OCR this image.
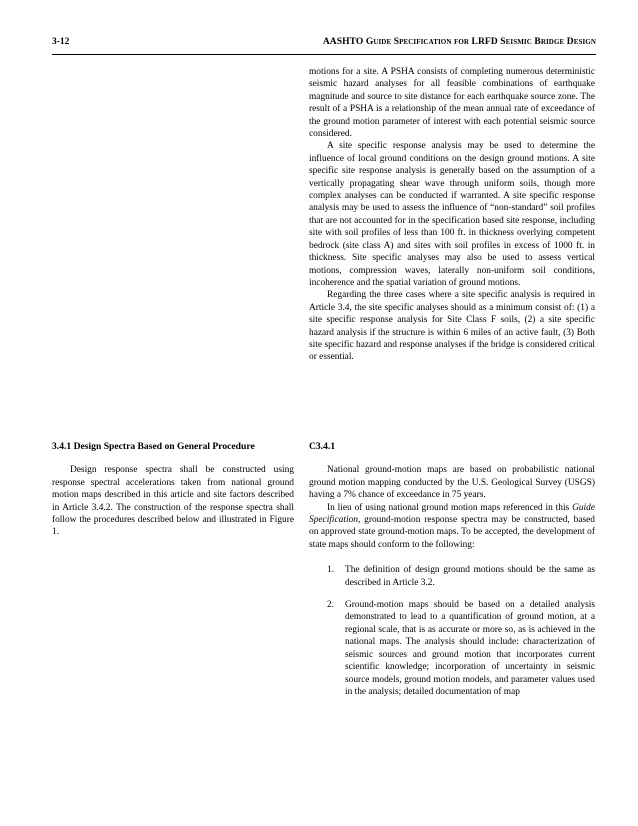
3-12	AASHTO Guide Specification for LRFD Seismic Bridge Design

motions for a site. A PSHA consists of completing numerous deterministic seismic hazard analyses for all feasible combinations of earthquake magnitude and source to site distance for each earthquake source zone. The result of a PSHA is a relationship of the mean annual rate of exceedance of the ground motion parameter of interest with each potential seismic source considered.

A site specific response analysis may be used to determine the influence of local ground conditions on the design ground motions. A site specific site response analysis is generally based on the assumption of a vertically propagating shear wave through uniform soils, though more complex analyses can be conducted if warranted. A site specific response analysis may be used to assess the influence of “non-standard” soil profiles that are not accounted for in the specification based site response, including site with soil profiles of less than 100 ft. in thickness overlying competent bedrock (site class A) and sites with soil profiles in excess of 1000 ft. in thickness. Site specific analyses may also be used to assess vertical motions, compression waves, laterally non-uniform soil conditions, incoherence and the spatial variation of ground motions.

Regarding the three cases where a site specific analysis is required in Article 3.4, the site specific analyses should as a minimum consist of: (1) a site specific response analysis for Site Class F soils, (2) a site specific hazard analysis if the structure is within 6 miles of an active fault, (3) Both site specific hazard and response analyses if the bridge is considered critical or essential.

3.4.1 Design Spectra Based on General Procedure

Design response spectra shall be constructed using response spectral accelerations taken from national ground motion maps described in this article and site factors described in Article 3.4.2. The construction of the response spectra shall follow the procedures described below and illustrated in Figure 1.

C3.4.1

National ground-motion maps are based on probabilistic national ground motion mapping conducted by the U.S. Geological Survey (USGS) having a 7% chance of exceedance in 75 years.

In lieu of using national ground motion maps referenced in this Guide Specification, ground-motion response spectra may be constructed, based on approved state ground-motion maps. To be accepted, the development of state maps should conform to the following:

1. The definition of design ground motions should be the same as described in Article 3.2.
2. Ground-motion maps should be based on a detailed analysis demonstrated to lead to a quantification of ground motion, at a regional scale, that is as accurate or more so, as is achieved in the national maps. The analysis should include: characterization of seismic sources and ground motion that incorporates current scientific knowledge; incorporation of uncertainty in seismic source models, ground motion models, and parameter values used in the analysis; detailed documentation of map
